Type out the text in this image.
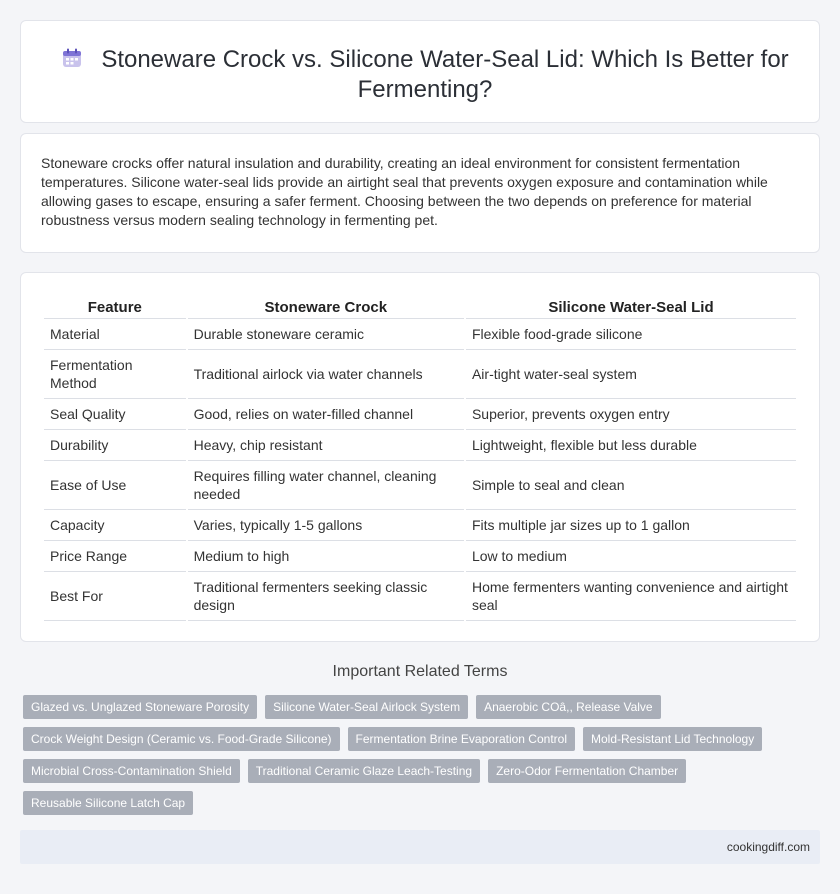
Stoneware Crock vs. Silicone Water-Seal Lid: Which Is Better for Fermenting?

Stoneware crocks offer natural insulation and durability, creating an ideal environment for consistent fermentation temperatures. Silicone water-seal lids provide an airtight seal that prevents oxygen exposure and contamination while allowing gases to escape, ensuring a safer ferment. Choosing between the two depends on preference for material robustness versus modern sealing technology in fermenting pet.

Feature	Stoneware Crock	Silicone Water-Seal Lid
Material	Durable stoneware ceramic	Flexible food-grade silicone
Fermentation Method	Traditional airlock via water channels	Air-tight water-seal system
Seal Quality	Good, relies on water-filled channel	Superior, prevents oxygen entry
Durability	Heavy, chip resistant	Lightweight, flexible but less durable
Ease of Use	Requires filling water channel, cleaning needed	Simple to seal and clean
Capacity	Varies, typically 1-5 gallons	Fits multiple jar sizes up to 1 gallon
Price Range	Medium to high	Low to medium
Best For	Traditional fermenters seeking classic design	Home fermenters wanting convenience and airtight seal
Important Related Terms
Glazed vs. Unglazed Stoneware Porosity	Silicone Water-Seal Airlock System	Anaerobic COâ,, Release Valve
Crock Weight Design (Ceramic vs. Food-Grade Silicone)	Fermentation Brine Evaporation Control	Mold-Resistant Lid Technology
Microbial Cross-Contamination Shield	Traditional Ceramic Glaze Leach-Testing	Zero-Odor Fermentation Chamber
Reusable Silicone Latch Cap
cookingdiff.com
